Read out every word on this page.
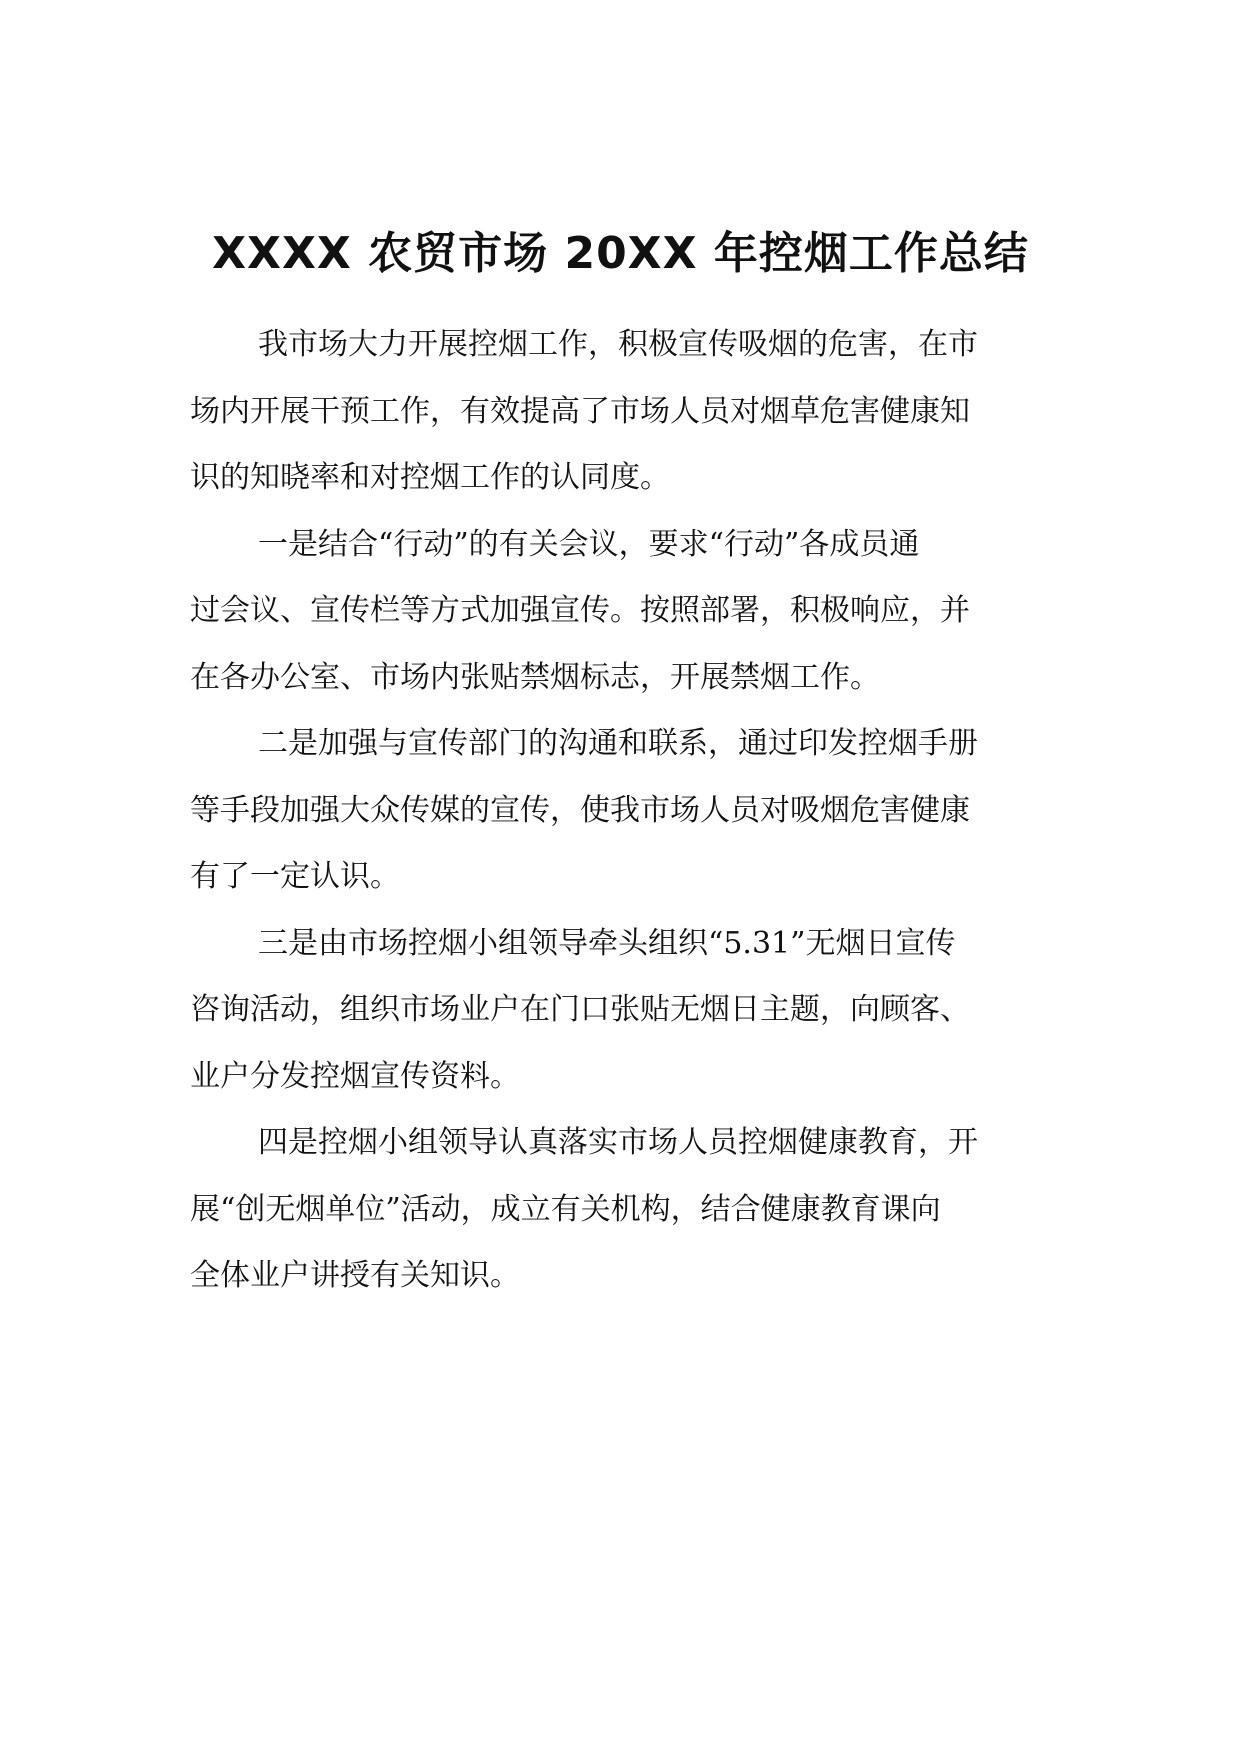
XXXX 农贸市场 20XX 年控烟工作总结

我市场大力开展控烟工作，积极宣传吸烟的危害，在市
场内开展干预工作，有效提高了市场人员对烟草危害健康知
识的知晓率和对控烟工作的认同度。

一是结合“行动”的有关会议，要求“行动”各成员通
过会议、宣传栏等方式加强宣传。按照部署，积极响应，并
在各办公室、市场内张贴禁烟标志，开展禁烟工作。

二是加强与宣传部门的沟通和联系，通过印发控烟手册
等手段加强大众传媒的宣传，使我市场人员对吸烟危害健康
有了一定认识。

三是由市场控烟小组领导牵头组织“5.31”无烟日宣传
咨询活动，组织市场业户在门口张贴无烟日主题，向顾客、
业户分发控烟宣传资料。

四是控烟小组领导认真落实市场人员控烟健康教育，开
展“创无烟单位”活动，成立有关机构，结合健康教育课向
全体业户讲授有关知识。
